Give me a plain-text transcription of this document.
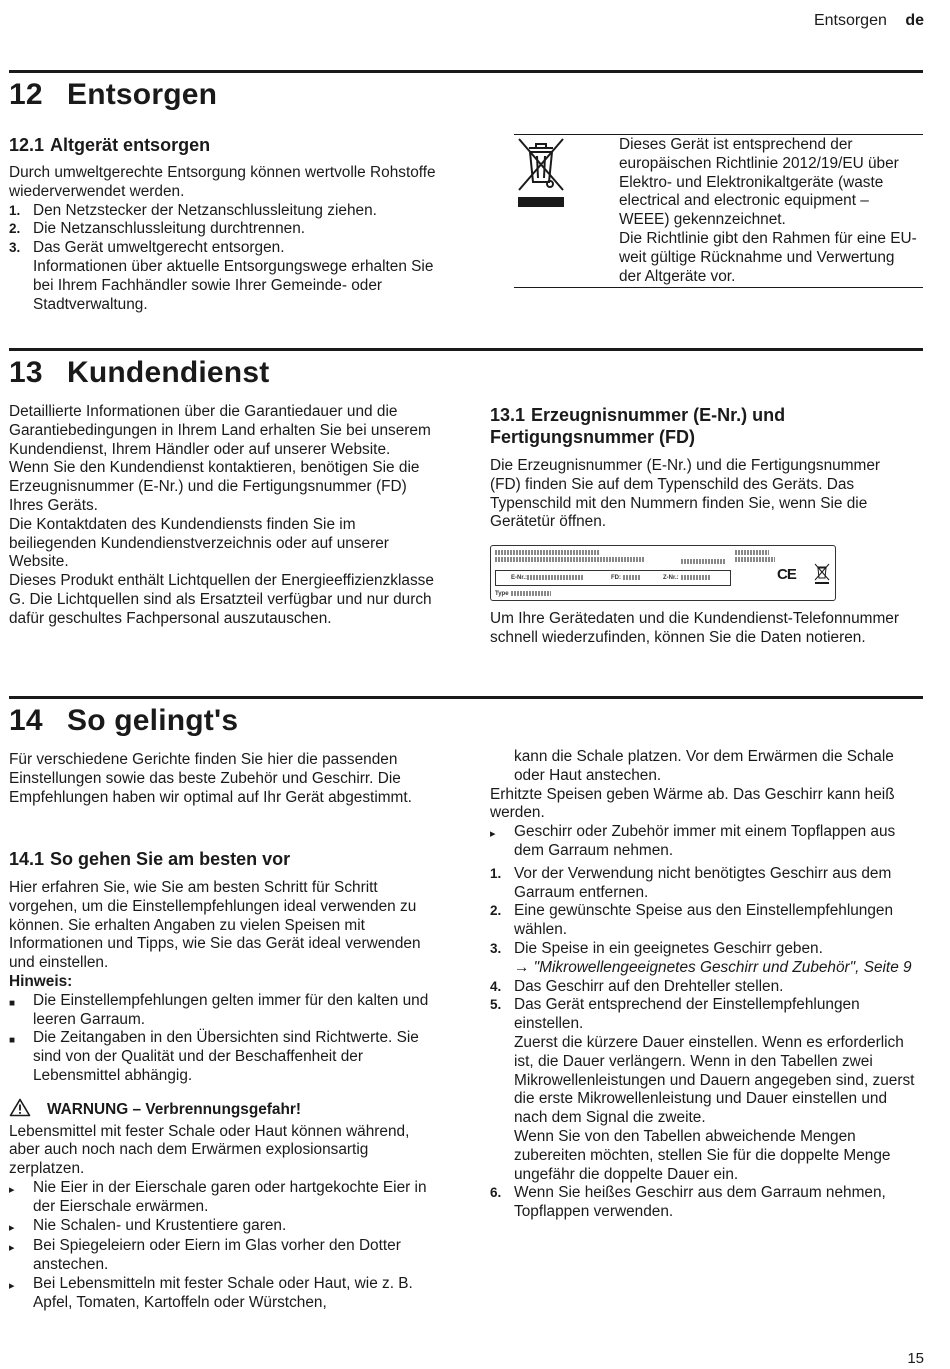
Entsorgen de
12 Entsorgen
12.1 Altgerät entsorgen
Durch umweltgerechte Entsorgung können wertvolle Rohstoffe wiederverwendet werden.
1. Den Netzstecker der Netzanschlussleitung ziehen.
2. Die Netzanschlussleitung durchtrennen.
3. Das Gerät umweltgerecht entsorgen.
Informationen über aktuelle Entsorgungswege erhalten Sie bei Ihrem Fachhändler sowie Ihrer Gemeinde- oder Stadtverwaltung.
Dieses Gerät ist entsprechend der europäischen Richtlinie 2012/19/EU über Elektro- und Elektronikaltgeräte (waste electrical and electronic equipment – WEEE) gekennzeichnet.
Die Richtlinie gibt den Rahmen für eine EU-weit gültige Rücknahme und Verwertung der Altgeräte vor.
13 Kundendienst
Detaillierte Informationen über die Garantiedauer und die Garantiebedingungen in Ihrem Land erhalten Sie bei unserem Kundendienst, Ihrem Händler oder auf unserer Website.
Wenn Sie den Kundendienst kontaktieren, benötigen Sie die Erzeugnisnummer (E-Nr.) und die Fertigungsnummer (FD) Ihres Geräts.
Die Kontaktdaten des Kundendiensts finden Sie im beiliegenden Kundendienstverzeichnis oder auf unserer Website.
Dieses Produkt enthält Lichtquellen der Energieeffizienzklasse G. Die Lichtquellen sind als Ersatzteil verfügbar und nur durch dafür geschultes Fachpersonal auszutauschen.
13.1 Erzeugnisnummer (E-Nr.) und Fertigungsnummer (FD)
Die Erzeugnisnummer (E-Nr.) und die Fertigungsnummer (FD) finden Sie auf dem Typenschild des Geräts. Das Typenschild mit den Nummern finden Sie, wenn Sie die Gerätetür öffnen.
E-Nr.:	FD:	Z-Nr.:
Type
CE
Um Ihre Gerätedaten und die Kundendienst-Telefonnummer schnell wiederzufinden, können Sie die Daten notieren.
14 So gelingt's
Für verschiedene Gerichte finden Sie hier die passenden Einstellungen sowie das beste Zubehör und Geschirr. Die Empfehlungen haben wir optimal auf Ihr Gerät abgestimmt.
14.1 So gehen Sie am besten vor
Hier erfahren Sie, wie Sie am besten Schritt für Schritt vorgehen, um die Einstellempfehlungen ideal verwenden zu können. Sie erhalten Angaben zu vielen Speisen mit Informationen und Tipps, wie Sie das Gerät ideal verwenden und einstellen.
Hinweis:
■	Die Einstellempfehlungen gelten immer für den kalten und leeren Garraum.
■	Die Zeitangaben in den Übersichten sind Richtwerte. Sie sind von der Qualität und der Beschaffenheit der Lebensmittel abhängig.
WARNUNG – Verbrennungsgefahr!
Lebensmittel mit fester Schale oder Haut können während, aber auch noch nach dem Erwärmen explosionsartig zerplatzen.
▸	Nie Eier in der Eierschale garen oder hartgekochte Eier in der Eierschale erwärmen.
▸	Nie Schalen- und Krustentiere garen.
▸	Bei Spiegeleiern oder Eiern im Glas vorher den Dotter anstechen.
▸	Bei Lebensmitteln mit fester Schale oder Haut, wie z. B. Apfel, Tomaten, Kartoffeln oder Würstchen,
kann die Schale platzen. Vor dem Erwärmen die Schale oder Haut anstechen.
Erhitzte Speisen geben Wärme ab. Das Geschirr kann heiß werden.
▸	Geschirr oder Zubehör immer mit einem Topflappen aus dem Garraum nehmen.
1. Vor der Verwendung nicht benötigtes Geschirr aus dem Garraum entfernen.
2. Eine gewünschte Speise aus den Einstellempfehlungen wählen.
3. Die Speise in ein geeignetes Geschirr geben.
→ "Mikrowellengeeignetes Geschirr und Zubehör", Seite 9
4. Das Geschirr auf den Drehteller stellen.
5. Das Gerät entsprechend der Einstellempfehlungen einstellen.
Zuerst die kürzere Dauer einstellen. Wenn es erforderlich ist, die Dauer verlängern. Wenn in den Tabellen zwei Mikrowellenleistungen und Dauern angegeben sind, zuerst die erste Mikrowellenleistung und Dauer einstellen und nach dem Signal die zweite.
Wenn Sie von den Tabellen abweichende Mengen zubereiten möchten, stellen Sie für die doppelte Menge ungefähr die doppelte Dauer ein.
6. Wenn Sie heißes Geschirr aus dem Garraum nehmen, Topflappen verwenden.
15
